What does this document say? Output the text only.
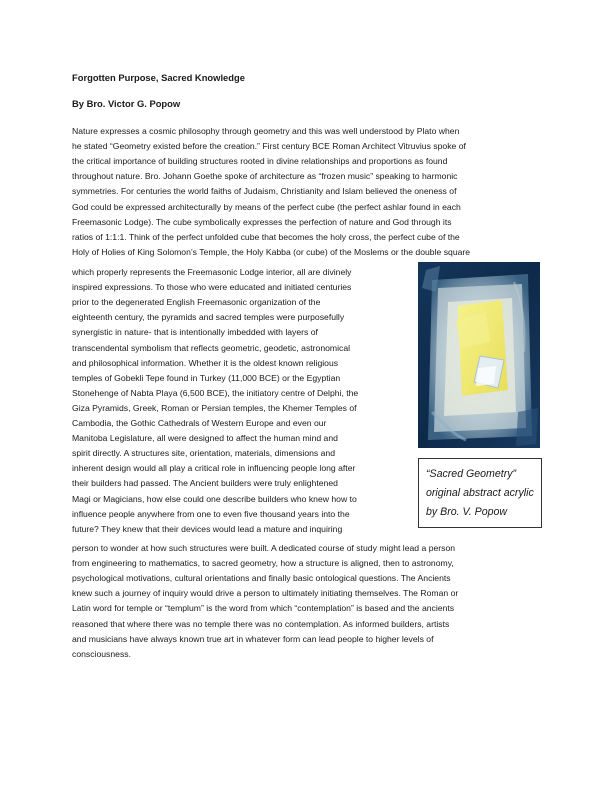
Forgotten Purpose, Sacred Knowledge
By Bro. Victor G. Popow
Nature expresses a cosmic philosophy through geometry and this was well understood by Plato when
he stated “Geometry existed before the creation.” First century BCE Roman Architect Vitruvius spoke of
the critical importance of building structures rooted in divine relationships and proportions as found
throughout nature. Bro. Johann Goethe spoke of architecture as “frozen music” speaking to harmonic
symmetries. For centuries the world faiths of Judaism, Christianity and Islam believed the oneness of
God could be expressed architecturally by means of the perfect cube (the perfect ashlar found in each
Freemasonic Lodge). The cube symbolically expresses the perfection of nature and God through its
ratios of 1:1:1. Think of the perfect unfolded cube that becomes the holy cross, the perfect cube of the
Holy of Holies of King Solomon’s Temple, the Holy Kabba (or cube) of the Moslems or the double square
which properly represents the Freemasonic Lodge interior, all are divinely
inspired expressions. To those who were educated and initiated centuries
prior to the degenerated English Freemasonic organization of the
eighteenth century, the pyramids and sacred temples were purposefully
synergistic in nature- that is intentionally imbedded with layers of
transcendental symbolism that reflects geometric, geodetic, astronomical
and philosophical information. Whether it is the oldest known religious
temples of Gobekli Tepe found in Turkey (11,000 BCE) or the Egyptian
Stonehenge of Nabta Playa (6,500 BCE), the initiatory centre of Delphi, the
Giza Pyramids, Greek, Roman or Persian temples, the Khemer Temples of
Cambodia, the Gothic Cathedrals of Western Europe and even our
Manitoba Legislature, all were designed to affect the human mind and
spirit directly. A structures site, orientation, materials, dimensions and
inherent design would all play a critical role in influencing people long after
their builders had passed. The Ancient builders were truly enlightened
Magi or Magicians, how else could one describe builders who knew how to
influence people anywhere from one to even five thousand years into the
future? They knew that their devices would lead a mature and inquiring
person to wonder at how such structures were built. A dedicated course of study might lead a person
from engineering to mathematics, to sacred geometry, how a structure is aligned, then to astronomy,
psychological motivations, cultural orientations and finally basic ontological questions. The Ancients
knew such a journey of inquiry would drive a person to ultimately initiating themselves. The Roman or
Latin word for temple or “templum” is the word from which “contemplation” is based and the ancients
reasoned that where there was no temple there was no contemplation. As informed builders, artists
and musicians have always known true art in whatever form can lead people to higher levels of
consciousness.
“Sacred Geometry”
original abstract acrylic
by Bro. V. Popow
